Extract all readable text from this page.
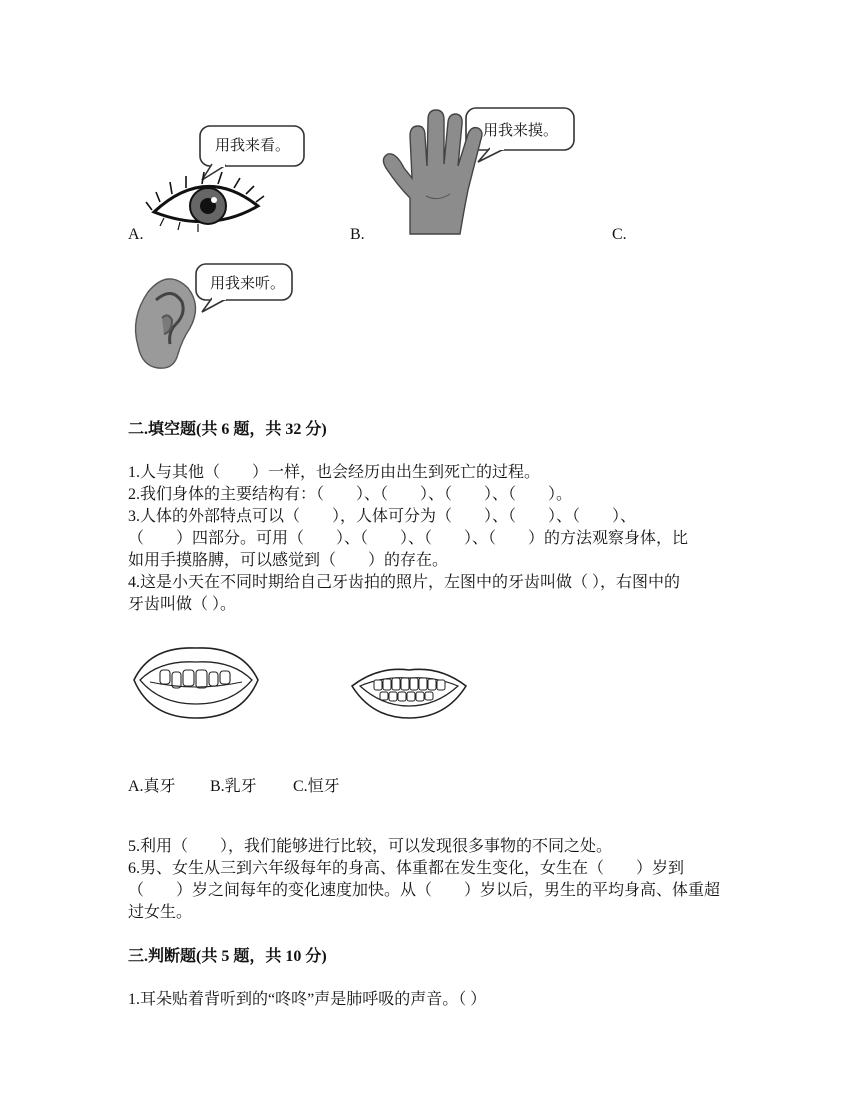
用我来看。
用我来摸。
A.	B.	C.
用我来听。
二.填空题(共 6 题，共 32 分)
1.人与其他（　　）一样，也会经历由出生到死亡的过程。
2.我们身体的主要结构有：（　　）、（　　）、（　　）、（　　）。
3.人体的外部特点可以（　　），人体可分为（　　）、（　　）、（　　）、
（　　）四部分。可用（　　）、（　　）、（　　）、（　　）的方法观察身体，比
如用手摸胳膊，可以感觉到（　　）的存在。
4.这是小天在不同时期给自己牙齿拍的照片，左图中的牙齿叫做（ ），右图中的
牙齿叫做（ ）。
A.真牙 B.乳牙 C.恒牙
5.利用（　　），我们能够进行比较，可以发现很多事物的不同之处。
6.男、女生从三到六年级每年的身高、体重都在发生变化，女生在（　　）岁到
（　　）岁之间每年的变化速度加快。从（　　）岁以后，男生的平均身高、体重超
过女生。
三.判断题(共 5 题，共 10 分)
1.耳朵贴着背听到的“咚咚”声是肺呼吸的声音。（ ）
